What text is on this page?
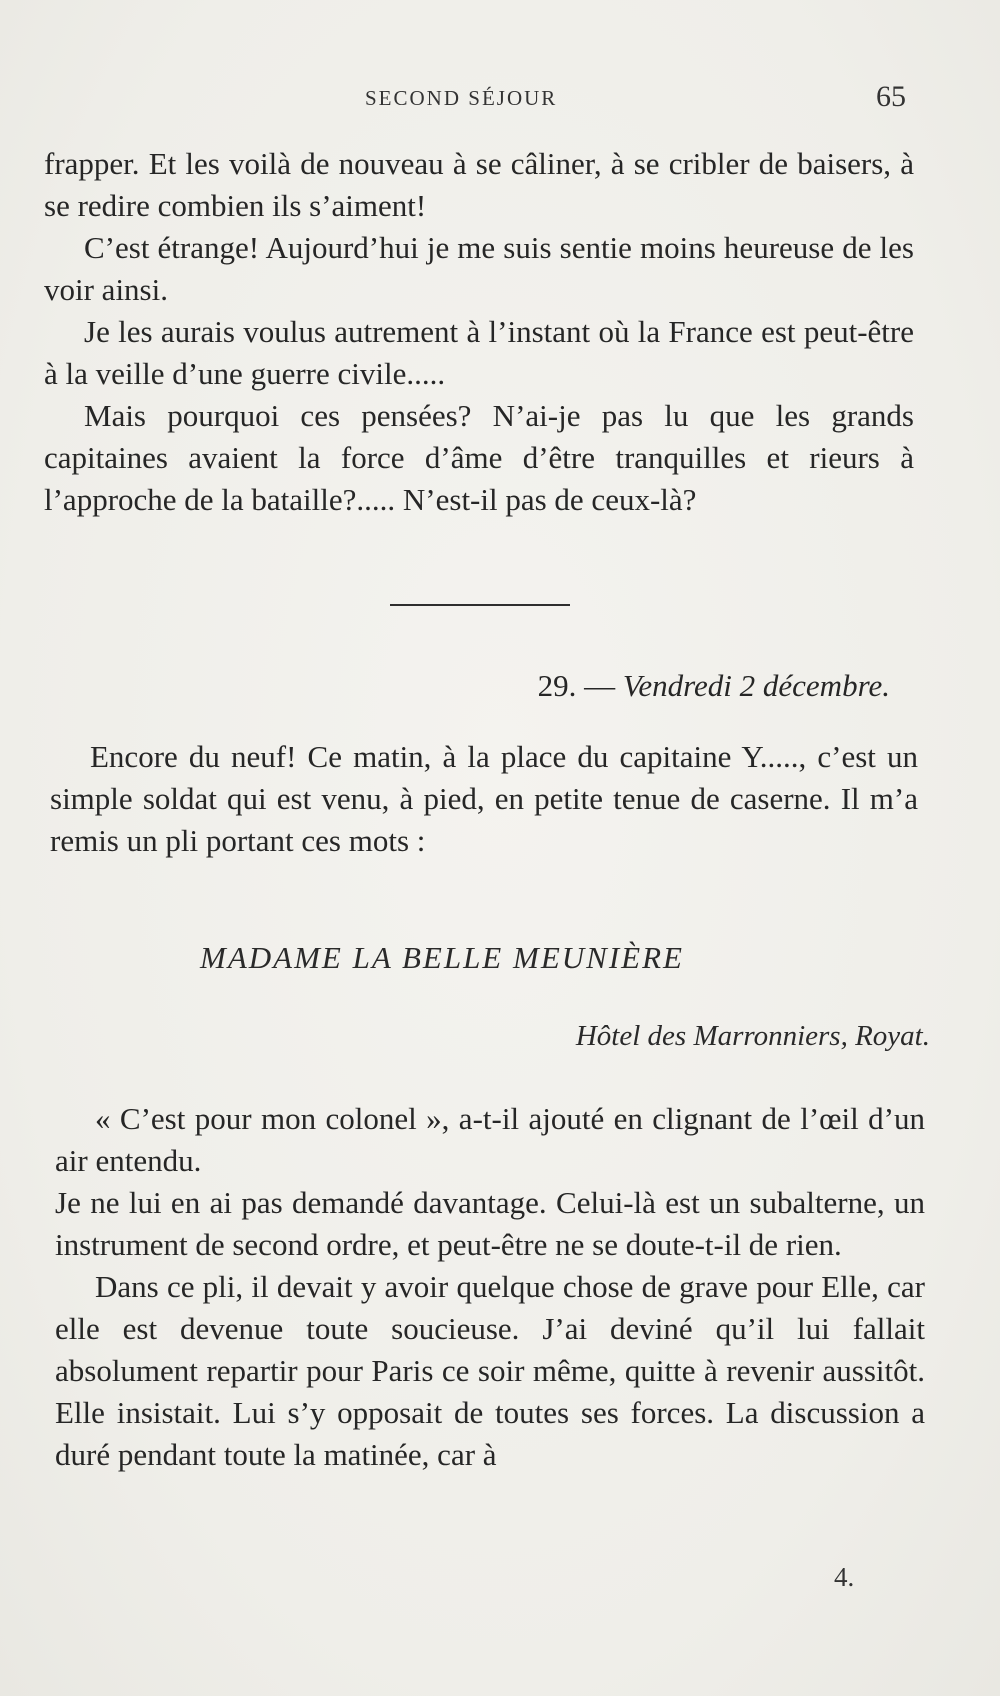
SECOND SÉJOUR	65

frapper. Et les voilà de nouveau à se câliner, à se cribler de baisers, à se redire combien ils s’aiment!

C’est étrange! Aujourd’hui je me suis sentie moins heureuse de les voir ainsi.

Je les aurais voulus autrement à l’instant où la France est peut-être à la veille d’une guerre civile.....

Mais pourquoi ces pensées? N’ai-je pas lu que les grands capitaines avaient la force d’âme d’être tranquilles et rieurs à l’approche de la bataille?..... N’est-il pas de ceux-là?

29. — Vendredi 2 décembre.

Encore du neuf! Ce matin, à la place du capitaine Y....., c’est un simple soldat qui est venu, à pied, en petite tenue de caserne. Il m’a remis un pli portant ces mots :

MADAME LA BELLE MEUNIÈRE
Hôtel des Marronniers, Royat.

« C’est pour mon colonel », a-t-il ajouté en clignant de l’œil d’un air entendu.

Je ne lui en ai pas demandé davantage. Celui-là est un subalterne, un instrument de second ordre, et peut-être ne se doute-t-il de rien.

Dans ce pli, il devait y avoir quelque chose de grave pour Elle, car elle est devenue toute soucieuse. J’ai deviné qu’il lui fallait absolument repartir pour Paris ce soir même, quitte à revenir aussitôt. Elle insistait. Lui s’y opposait de toutes ses forces. La discussion a duré pendant toute la matinée, car à

4.
